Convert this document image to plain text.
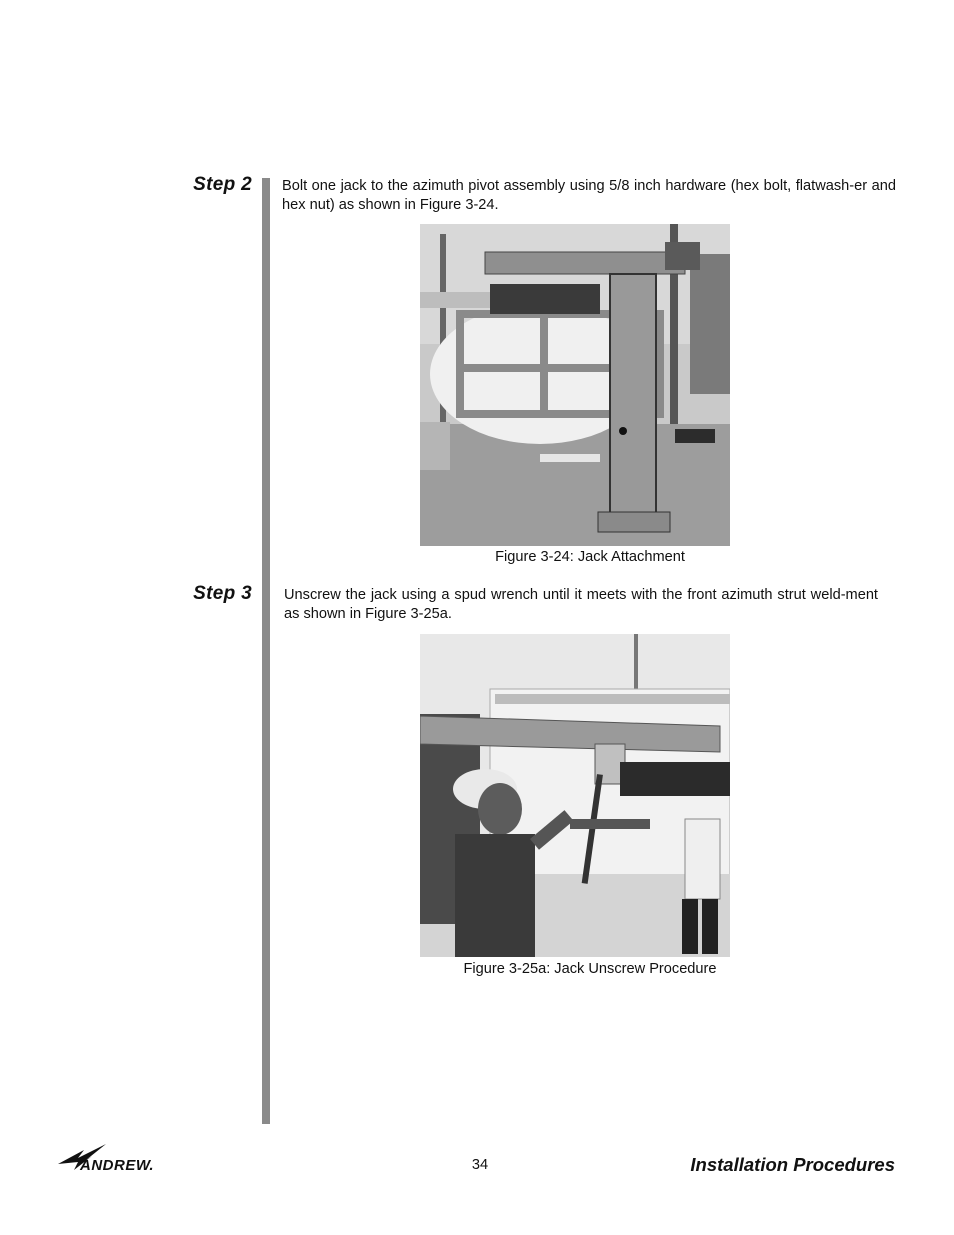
Step 2 Bolt one jack to the azimuth pivot assembly using 5/8 inch hardware (hex bolt, flatwash-er and hex nut) as shown in Figure 3-24.
Figure 3-24: Jack Attachment
Step 3 Unscrew the jack using a spud wrench until it meets with the front azimuth strut weld-ment as shown in Figure 3-25a.
Figure 3-25a: Jack Unscrew Procedure
ANDREW.	34	Installation Procedures
